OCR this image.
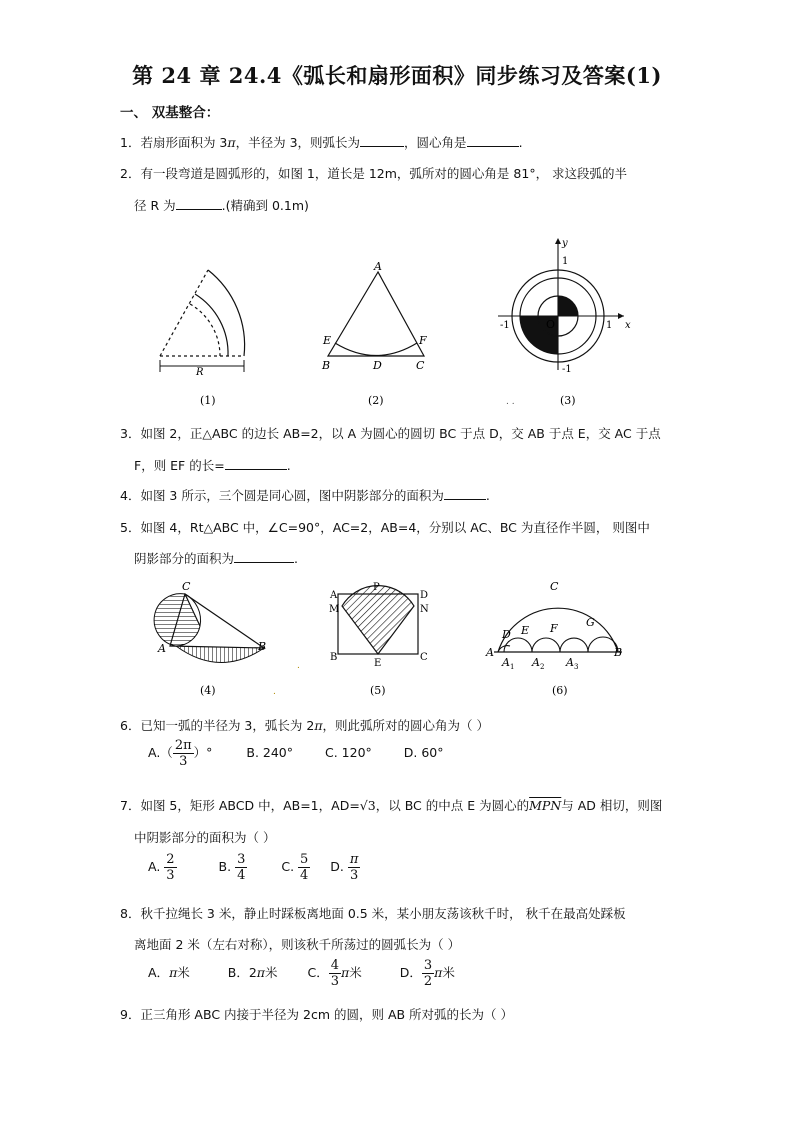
第 24 章 24.4《弧长和扇形面积》同步练习及答案(1)
一、 双基整合：
1．若扇形面积为 3π，半径为 3，则弧长为	，圆心角是	.
2．有一段弯道是圆弧形的，如图 1，道长是 12m，弧所对的圆心角是 81°， 求这段弧的半
径 R 为	.(精确到 0.1m)
R
(1)
A
E	F
B	D	C
(2)
y
x
O
1
1
-1
-1
. .	(3)
3．如图 2，正△ABC 的边长 AB=2，以 A 为圆心的圆切 BC 于点 D，交 AB 于点 E，交 AC 于点
F，则 EF 的长=	.
4．如图 3 所示，三个圆是同心圆，图中阴影部分的面积为	.
5．如图 4，Rt△ABC 中，∠C=90°，AC=2，AB=4，分别以 AC、BC 为直径作半圆， 则图中
阴影部分的面积为	.
C
A	B
(4)
.
.
A
P
D
M	N
B
E
C
(5)
C
A	B
D E F	G
A 1 A 2 A 3
(6)
6．已知一弧的半径为 3，弧长为 2π，则此弧所对的圆心角为（ ）
$A.( \frac{2\pi}{3}$ ）°	B. 240°	C. 120°	D. 60°
7．如图 5，矩形 ABCD 中，AB=1，AD=√3，以 BC 的中点 E 为圆心的$\overline{MPN}$与 AD 相切，则图
中阴影部分的面积为（ ）
A. $\frac{2}{3}$	B. $\frac{3}{4}$	C. $\frac{5}{4} D$. $\frac{\pi}{3}$
8．秋千拉绳长 3 米，静止时踩板离地面 0.5 米，某小朋友荡该秋千时， 秋千在最高处踩板
离地面 2 米（左右对称），则该秋千所荡过的圆弧长为（ ）
A．π米	B．2π米 C． $\frac{4}{3}$ π米	D． $\frac{3}{2}$ π米
9．正三角形 ABC 内接于半径为 2cm 的圆，则 AB 所对弧的长为（ ）
